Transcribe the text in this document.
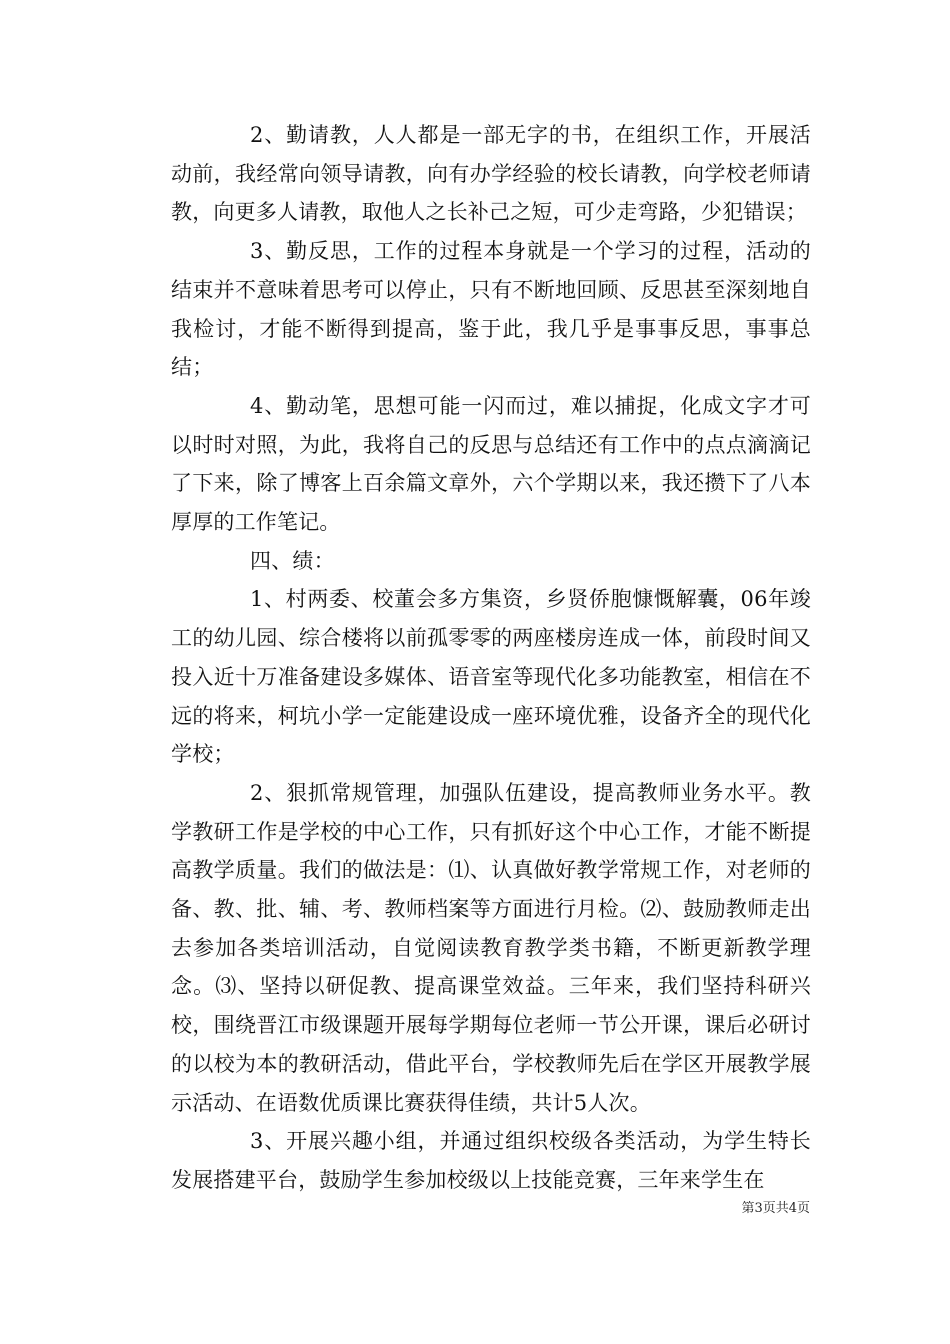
2、勤请教，人人都是一部无字的书，在组织工作，开展活动前，我经常向领导请教，向有办学经验的校长请教，向学校老师请教，向更多人请教，取他人之长补己之短，可少走弯路，少犯错误；

3、勤反思，工作的过程本身就是一个学习的过程，活动的结束并不意味着思考可以停止，只有不断地回顾、反思甚至深刻地自我检讨，才能不断得到提高，鉴于此，我几乎是事事反思，事事总结；

4、勤动笔，思想可能一闪而过，难以捕捉，化成文字才可以时时对照，为此，我将自己的反思与总结还有工作中的点点滴滴记了下来，除了博客上百余篇文章外，六个学期以来，我还攒下了八本厚厚的工作笔记。

四、绩：

1、村两委、校董会多方集资，乡贤侨胞慷慨解囊，06年竣工的幼儿园、综合楼将以前孤零零的两座楼房连成一体，前段时间又投入近十万准备建设多媒体、语音室等现代化多功能教室，相信在不远的将来，柯坑小学一定能建设成一座环境优雅，设备齐全的现代化学校；

2、狠抓常规管理，加强队伍建设，提高教师业务水平。教学教研工作是学校的中心工作，只有抓好这个中心工作，才能不断提高教学质量。我们的做法是：⑴、认真做好教学常规工作，对老师的备、教、批、辅、考、教师档案等方面进行月检。⑵、鼓励教师走出去参加各类培训活动，自觉阅读教育教学类书籍，不断更新教学理念。⑶、坚持以研促教、提高课堂效益。三年来，我们坚持科研兴校，围绕晋江市级课题开展每学期每位老师一节公开课，课后必研讨的以校为本的教研活动，借此平台，学校教师先后在学区开展教学展示活动、在语数优质课比赛获得佳绩，共计5人次。

3、开展兴趣小组，并通过组织校级各类活动，为学生特长发展搭建平台，鼓励学生参加校级以上技能竞赛，三年来学生在

第3页共4页
